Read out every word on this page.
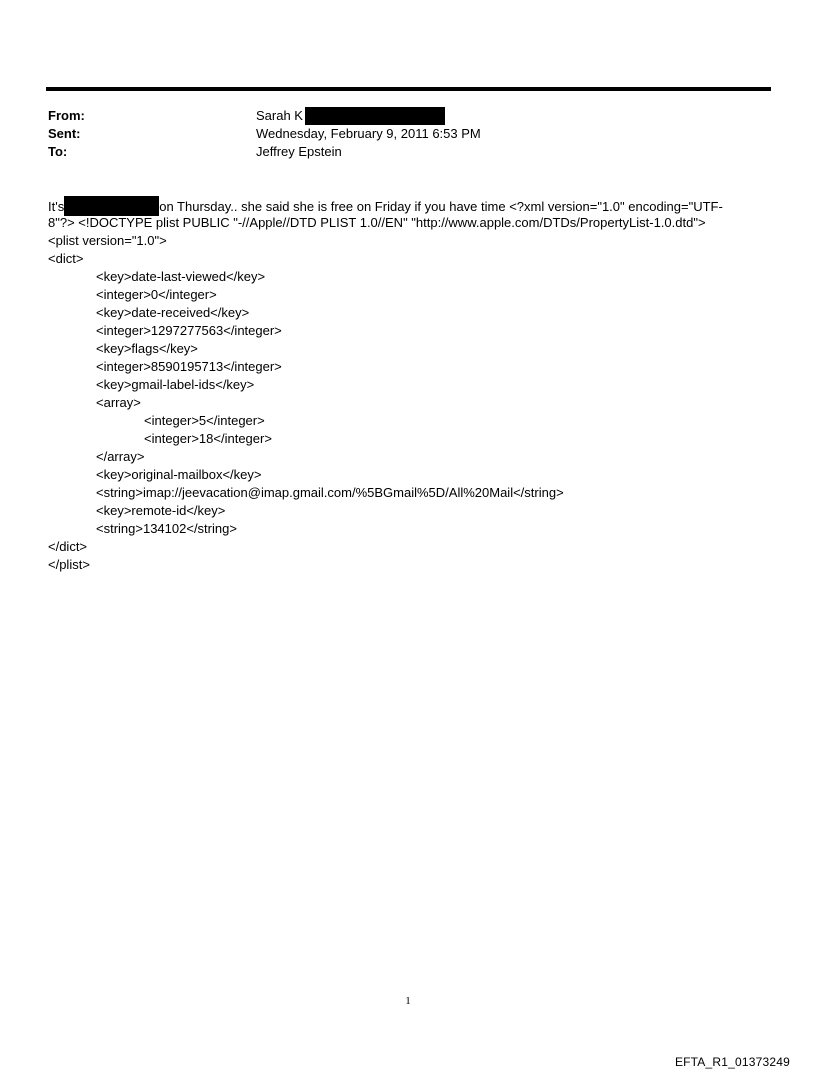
From:	Sarah K
Sent:	Wednesday, February 9, 2011 6:53 PM
To:	Jeffrey Epstein
It's	on Thursday.. she said she is free on Friday if you have time <?xml version="1.0" encoding="UTF-
8"?> <!DOCTYPE plist PUBLIC "-//Apple//DTD PLIST 1.0//EN" "http://www.apple.com/DTDs/PropertyList-1.0.dtd">
<plist version="1.0">
<dict>
<key>date-last-viewed</key>
<integer>0</integer>
<key>date-received</key>
<integer>1297277563</integer>
<key>flags</key>
<integer>8590195713</integer>
<key>gmail-label-ids</key>
<array>
<integer>5</integer>
<integer>18</integer>
</array>
<key>original-mailbox</key>
<string>imap://jeevacation@imap.gmail.com/%5BGmail%5D/All%20Mail</string>
<key>remote-id</key>
<string>134102</string>
</dict>
</plist>
1
EFTA_R1_01373249
